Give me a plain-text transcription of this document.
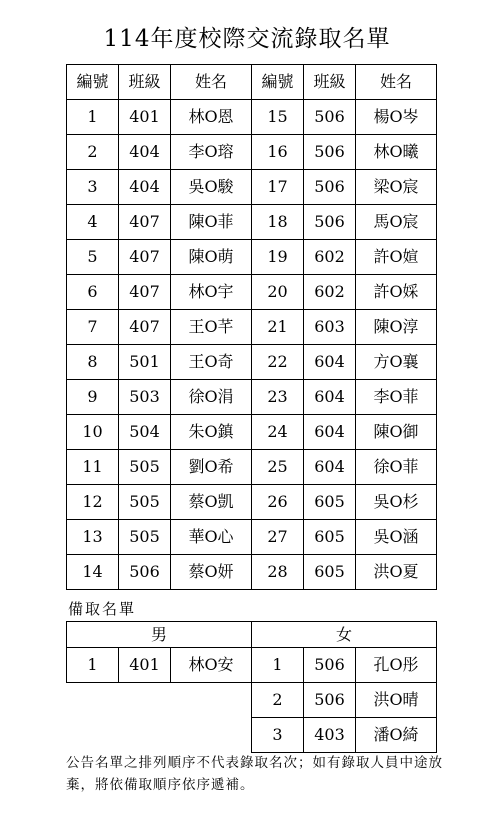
114年度校際交流錄取名單
編號	班級	姓名	編號	班級	姓名
1	401	林O恩	15	506	楊O岑
2	404	李O瑢	16	506	林O曦
3	404	吳O駿	17	506	梁O宸
4	407	陳O菲	18	506	馬O宸
5	407	陳O萌	19	602	許O媗
6	407	林O宇	20	602	許O婇
7	407	王O芊	21	603	陳O淳
8	501	王O奇	22	604	方O襄
9	503	徐O涓	23	604	李O菲
10	504	朱O鎮	24	604	陳O御
11	505	劉O希	25	604	徐O菲
12	505	蔡O凱	26	605	吳O杉
13	505	華O心	27	605	吳O涵
14	506	蔡O妍	28	605	洪O夏
備取名單
男			女		
1	401	林O安	1	506	孔O彤
			2	506	洪O晴
			3	403	潘O綺
公告名單之排列順序不代表錄取名次；如有錄取人員中途放棄，將依備取順序依序遞補。
